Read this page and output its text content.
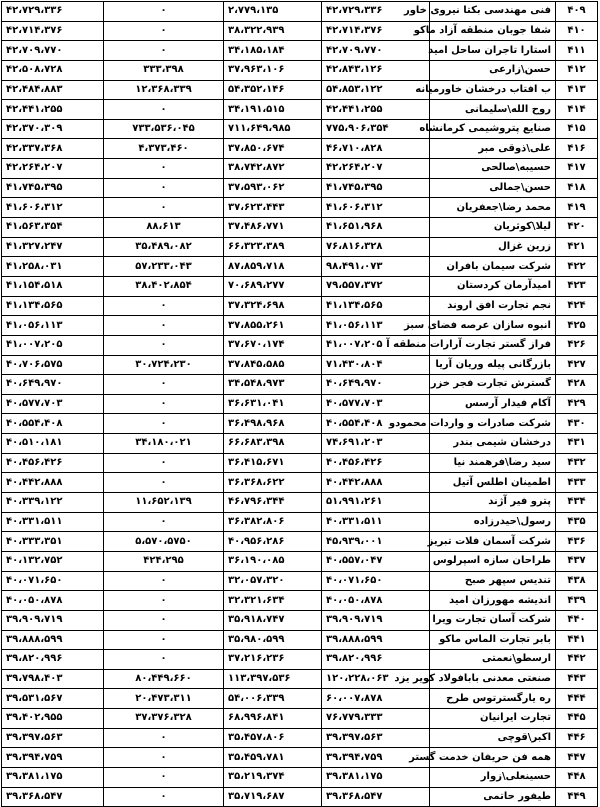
۴۰۹	فنی مهندسی بکتا نیروی خاور	۴۲،۷۲۹،۳۳۶	۲،۷۷۹،۱۳۵	۰	۴۲،۷۲۹،۳۳۶
۴۱۰	شفا جوبان منطقه آزاد ماکو	۴۲،۷۱۴،۳۷۶	۳۸،۳۲۲،۹۳۹	۰	۴۲،۷۱۴،۳۷۶
۴۱۱	استارا تاجران ساحل امید	۴۲،۷۰۹،۷۷۰	۳۴،۱۸۵،۱۸۴	۰	۴۲،۷۰۹،۷۷۰
۴۱۲	حسن\زارعی	۴۲،۸۴۳،۱۲۶	۳۷،۹۶۳،۱۰۶	۳۳۳،۳۹۸	۴۲،۵۰۸،۷۲۸
۴۱۳	ب افتاب درخشان خاورمیانه	۵۴،۸۵۳،۱۲۲	۵۴،۳۵۲،۱۴۶	۱۲،۳۶۸،۳۳۹	۴۲،۴۸۴،۸۸۳
۴۱۴	روح الله\سلیمانی	۴۲،۴۴۱،۲۵۵	۳۴،۱۹۱،۵۱۵	۰	۴۲،۴۴۱،۲۵۵
۴۱۵	صنایع پتروشیمی کرمانشاه	۷۷۵،۹۰۶،۳۵۴	۷۱۱،۶۴۹،۹۸۵	۷۳۳،۵۳۶،۰۴۵	۴۲،۳۷۰،۳۰۹
۴۱۶	علی\ذوقی مبر	۴۶،۷۱۰،۸۲۸	۳۷،۸۵۰،۶۷۴	۴،۳۷۳،۴۶۰	۴۲،۳۳۷،۳۶۸
۴۱۷	حسیبه\صالحی	۴۲،۲۶۴،۲۰۷	۳۸،۷۴۲،۸۷۲	۰	۴۲،۲۶۴،۲۰۷
۴۱۸	حسن\جمالی	۴۱،۷۴۵،۳۹۵	۳۷،۵۹۳،۰۶۲	۰	۴۱،۷۴۵،۳۹۵
۴۱۹	محمد رضا\جعفریان	۴۱،۶۰۶،۳۱۲	۳۷،۶۲۳،۴۴۳	۰	۴۱،۶۰۶،۳۱۲
۴۲۰	لیلا\کوثریان	۴۱،۶۵۱،۹۶۸	۳۷،۴۸۶،۷۷۱	۸۸،۶۱۳	۴۱،۵۶۳،۳۵۴
۴۲۱	زرین غزال	۷۶،۸۱۶،۳۲۸	۶۶،۳۲۳،۳۸۹	۳۵،۴۸۹،۰۸۲	۴۱،۳۲۷،۲۴۷
۴۲۲	شرکت سیمان بافران	۹۸،۴۹۱،۰۷۳	۸۷،۸۵۹،۷۱۸	۵۷،۲۳۳،۰۴۳	۴۱،۲۵۸،۰۳۱
۴۲۳	امیدآرمان کردستان	۷۹،۵۵۷،۳۷۲	۷۰،۶۸۹،۲۷۷	۳۸،۴۰۲،۸۵۴	۴۱،۱۵۴،۵۱۸
۴۲۴	نجم تجارت افق اروند	۴۱،۱۳۴،۵۶۵	۳۷،۳۲۴،۶۹۸	۰	۴۱،۱۳۴،۵۶۵
۴۲۵	انبوه سازان عرصه فضای سبز	۴۱،۰۵۶،۱۱۳	۳۷،۸۵۵،۲۶۱	۰	۴۱،۰۵۶،۱۱۳
۴۲۶	فراز گستر تجارت آرارات منطقه آ	۴۱،۰۰۷،۲۰۵	۳۷،۶۷۰،۱۷۴	۰	۴۱،۰۰۷،۲۰۵
۴۲۷	بازرگانی پیله وریان آریا	۷۱،۴۳۰،۸۰۴	۳۷،۸۴۵،۵۸۵	۳۰،۷۲۴،۲۳۰	۴۰،۷۰۶،۵۷۵
۴۲۸	گسترش تجارت فجر خزر	۴۰،۶۴۹،۹۷۰	۳۴،۵۴۸،۹۷۳	۰	۴۰،۶۴۹،۹۷۰
۴۲۹	آکام فیدار آرسس	۴۰،۵۷۷،۷۰۳	۳۶،۶۳۱،۰۴۱	۰	۴۰،۵۷۷،۷۰۳
۴۳۰	شرکت صادرات و واردات محمودو	۴۰،۵۵۴،۴۰۸	۳۶،۴۹۸،۹۶۸	۰	۴۰،۵۵۴،۴۰۸
۴۳۱	درخشان شیمی بندر	۷۴،۶۹۱،۲۰۳	۶۶،۶۸۳،۳۹۸	۳۴،۱۸۰،۰۲۱	۴۰،۵۱۰،۱۸۱
۴۳۲	سید رضا\فرهمند نیا	۴۰،۴۵۶،۴۲۶	۳۶،۴۱۵،۶۷۱	۰	۴۰،۴۵۶،۴۲۶
۴۳۳	اطمینان اطلس آتیل	۴۰،۴۴۲،۸۸۸	۳۶،۳۶۸،۶۲۲	۰	۴۰،۴۴۲،۸۸۸
۴۳۴	پترو فیر آژند	۵۱،۹۹۱،۲۶۱	۴۶،۷۹۶،۳۴۴	۱۱،۶۵۲،۱۳۹	۴۰،۳۳۹،۱۲۲
۴۳۵	رسول\حیدرزاده	۴۰،۳۳۱،۵۱۱	۳۶،۳۸۲،۸۰۶	۰	۴۰،۳۳۱،۵۱۱
۴۳۶	شرکت آسمان فلات تبریز	۴۵،۹۳۹،۰۰۱	۴۰،۹۵۶،۲۸۶	۵،۵۷۰،۵۷۵۰	۴۰،۳۳۳،۳۵۱
۴۳۷	طراحان سازه اسپرلوس	۴۰،۵۵۷،۰۴۷	۳۶،۱۹۰،۰۸۵	۴۲۴،۲۹۵	۴۰،۱۳۲،۷۵۲
۴۳۸	تندیس سپهر صبح	۴۰،۰۷۱،۶۵۰	۳۲،۰۵۷،۳۲۰	۰	۴۰،۰۷۱،۶۵۰
۴۳۹	اندیشه مهورزان امید	۴۰،۰۵۰،۸۷۸	۳۲،۳۲۱،۶۳۴	۰	۴۰،۰۵۰،۸۷۸
۴۴۰	شرکت آسان تجارت ویرا	۳۹،۹۰۹،۷۱۹	۳۵،۹۱۸،۷۴۷	۰	۳۹،۹۰۹،۷۱۹
۴۴۱	بابر تجارت الماس ماکو	۳۹،۸۸۸،۵۹۹	۳۵،۹۸۰،۵۹۹	۰	۳۹،۸۸۸،۵۹۹
۴۴۲	ارسطو\نعمتی	۳۹،۸۲۰،۹۹۶	۳۷،۲۱۶،۲۳۶	۰	۳۹،۸۲۰،۹۹۶
۴۴۳	صنعتی معدنی بابافولاد کویر یزد	۱۲۰،۲۲۸،۰۶۳	۱۱۳،۳۹۷،۵۳۶	۸۰،۴۴۹،۶۶۰	۳۹،۷۹۸،۴۰۳
۴۴۴	ره یارگسترتوس طرح	۶۰،۰۰۷،۸۷۸	۵۴،۰۰۶،۳۳۹	۲۰،۴۷۳،۳۱۱	۳۹،۵۳۱،۵۶۷
۴۴۵	تجارت ایرانیان	۷۶،۷۷۹،۳۳۳	۶۸،۹۹۶،۸۴۱	۳۷،۳۷۶،۳۲۸	۳۹،۴۰۲،۹۵۵
۴۴۶	اکبر\قوچی	۳۹،۳۹۷،۵۶۳	۳۵،۴۵۷،۸۰۶	۰	۳۹،۳۹۷،۵۶۳
۴۴۷	همه فن حریفان خدمت گستر	۳۹،۳۹۴،۷۵۹	۳۵،۴۵۹،۷۸۱	۰	۳۹،۳۹۴،۷۵۹
۴۴۸	حسینعلی\زوار	۳۹،۳۸۱،۱۷۵	۳۵،۲۱۹،۳۷۴	۰	۳۹،۳۸۱،۱۷۵
۴۴۹	طیفور حاتمی	۳۹،۳۶۸،۵۴۷	۳۵،۷۱۹،۶۸۷	۰	۳۹،۳۶۸،۵۴۷
